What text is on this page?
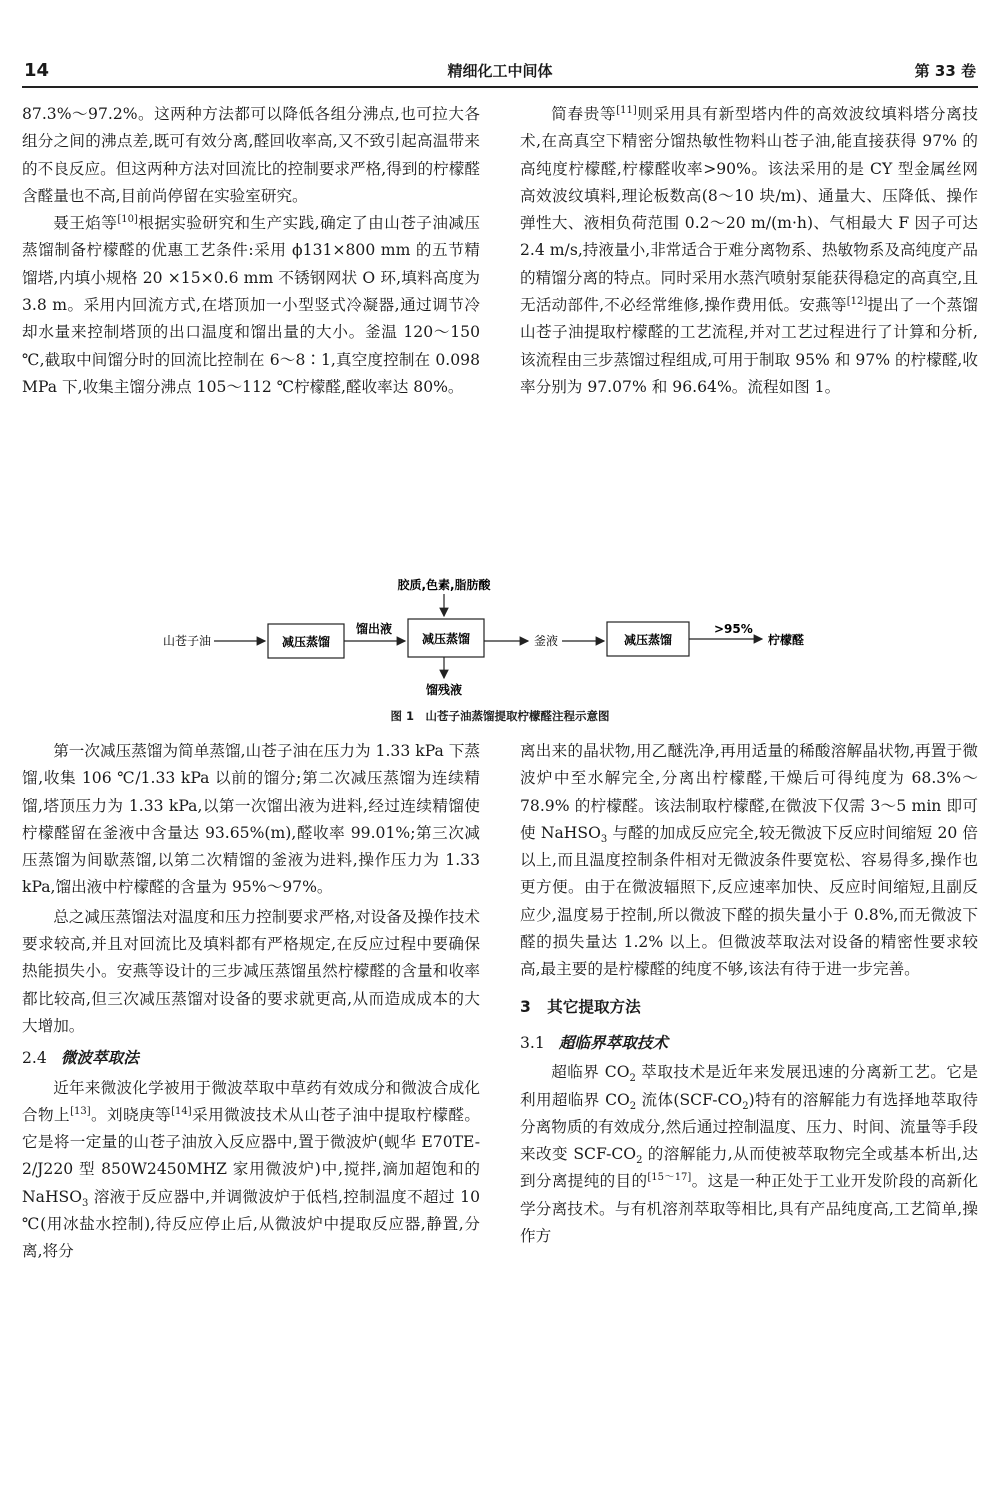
14	精细化工中间体	第 33 卷

87.3%～97.2%。这两种方法都可以降低各组分沸点,也可拉大各组分之间的沸点差,既可有效分离,醛回收率高,又不致引起高温带来的不良反应。但这两种方法对回流比的控制要求严格,得到的柠檬醛含醛量也不高,目前尚停留在实验室研究。

聂王焰等[10]根据实验研究和生产实践,确定了由山苍子油减压蒸馏制备柠檬醛的优惠工艺条件:采用 ϕ131×800 mm 的五节精馏塔,内填小规格 20 ×15×0.6 mm 不锈钢网状 O 环,填料高度为 3.8 m。采用内回流方式,在塔顶加一小型竖式冷凝器,通过调节冷却水量来控制塔顶的出口温度和馏出量的大小。釜温 120～150 ℃,截取中间馏分时的回流比控制在 6～8∶1,真空度控制在 0.098 MPa 下,收集主馏分沸点 105～112 ℃柠檬醛,醛收率达 80%。

简春贵等[11]则采用具有新型塔内件的高效波纹填料塔分离技术,在高真空下精密分馏热敏性物料山苍子油,能直接获得 97% 的高纯度柠檬醛,柠檬醛收率>90%。该法采用的是 CY 型金属丝网高效波纹填料,理论板数高(8～10 块/m)、通量大、压降低、操作弹性大、液相负荷范围 0.2～20 m/(m·h)、气相最大 F 因子可达 2.4 m/s,持液量小,非常适合于难分离物系、热敏物系及高纯度产品的精馏分离的特点。同时采用水蒸汽喷射泵能获得稳定的高真空,且无活动部件,不必经常维修,操作费用低。安燕等[12]提出了一个蒸馏山苍子油提取柠檬醛的工艺流程,并对工艺过程进行了计算和分析,该流程由三步蒸馏过程组成,可用于制取 95% 和 97% 的柠檬醛,收率分别为 97.07% 和 96.64%。流程如图 1。

胶质,色素,脂肪酸
山苍子油	减压蒸馏
馏出液
减压蒸馏
馏残液
釜液	减压蒸馏
>95%
柠檬醛
图 1　山苍子油蒸馏提取柠檬醛注程示意图

第一次减压蒸馏为简单蒸馏,山苍子油在压力为 1.33 kPa 下蒸馏,收集 106 ℃/1.33 kPa 以前的馏分;第二次减压蒸馏为连续精馏,塔顶压力为 1.33 kPa,以第一次馏出液为进料,经过连续精馏使柠檬醛留在釜液中含量达 93.65%(m),醛收率 99.01%;第三次减压蒸馏为间歇蒸馏,以第二次精馏的釜液为进料,操作压力为 1.33 kPa,馏出液中柠檬醛的含量为 95%～97%。

总之减压蒸馏法对温度和压力控制要求严格,对设备及操作技术要求较高,并且对回流比及填料都有严格规定,在反应过程中要确保热能损失小。安燕等设计的三步减压蒸馏虽然柠檬醛的含量和收率都比较高,但三次减压蒸馏对设备的要求就更高,从而造成成本的大大增加。

2.4 微波萃取法

近年来微波化学被用于微波萃取中草药有效成分和微波合成化合物上[13]。刘晓庚等[14]采用微波技术从山苍子油中提取柠檬醛。它是将一定量的山苍子油放入反应器中,置于微波炉(蚬华 E70TE-2/J220 型 850W2450MHZ 家用微波炉)中,搅拌,滴加超饱和的 NaHSO$_3$ 溶液于反应器中,并调微波炉于低档,控制温度不超过 10 ℃(用冰盐水控制),待反应停止后,从微波炉中提取反应器,静置,分离,将分

离出来的晶状物,用乙醚洗净,再用适量的稀酸溶解晶状物,再置于微波炉中至水解完全,分离出柠檬醛,干燥后可得纯度为 68.3%～78.9% 的柠檬醛。该法制取柠檬醛,在微波下仅需 3～5 min 即可使 NaHSO$_3$ 与醛的加成反应完全,较无微波下反应时间缩短 20 倍以上,而且温度控制条件相对无微波条件要宽松、容易得多,操作也更方便。由于在微波辐照下,反应速率加快、反应时间缩短,且副反应少,温度易于控制,所以微波下醛的损失量小于 0.8%,而无微波下醛的损失量达 1.2% 以上。但微波萃取法对设备的精密性要求较高,最主要的是柠檬醛的纯度不够,该法有待于进一步完善。

3 其它提取方法

3.1 超临界萃取技术

超临界 $CO_2$ 萃取技术是近年来发展迅速的分离新工艺。它是利用超临界 $CO_2$ 流体$(SCF-CO_2)$特有的溶解能力有选择地萃取待分离物质的有效成分,然后通过控制温度、压力、时间、流量等手段来改变 SCF-$CO_2$ 的溶解能力,从而使被萃取物完全或基本析出,达到分离提纯的目的[15～17]。这是一种正处于工业开发阶段的高新化学分离技术。与有机溶剂萃取等相比,具有产品纯度高,工艺简单,操作方
